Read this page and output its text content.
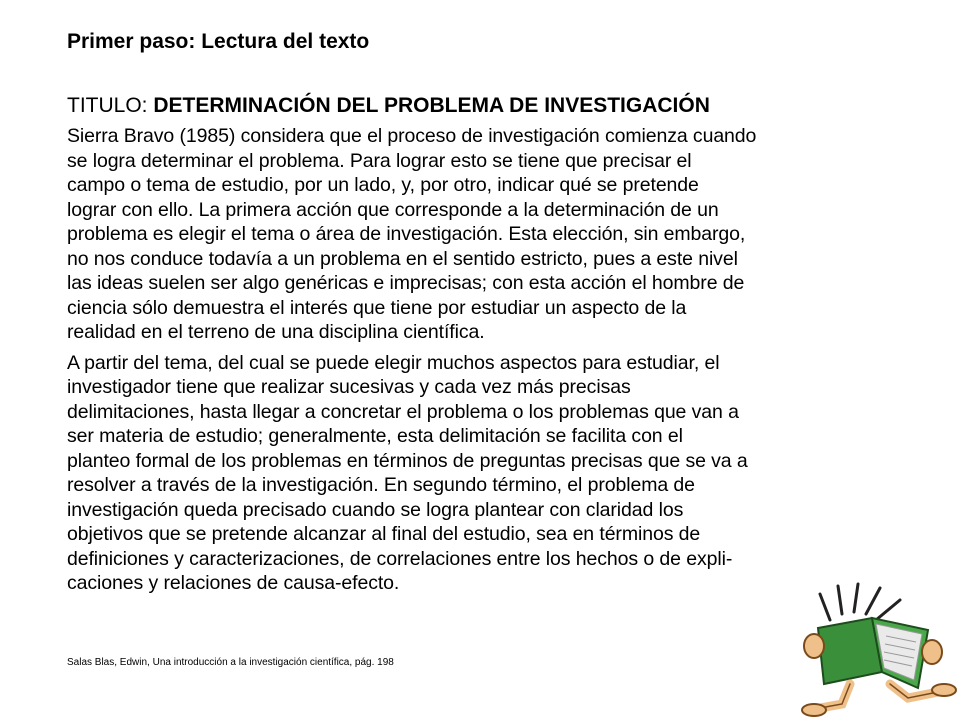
Primer paso: Lectura del texto

TITULO: DETERMINACIÓN DEL PROBLEMA DE INVESTIGACIÓN

Sierra Bravo (1985) considera que el proceso de investigación comienza cuando
se logra determinar el problema. Para lograr esto se tiene que precisar el
campo o tema de estudio, por un lado, y, por otro, indicar qué se pretende
lograr con ello. La primera acción que corresponde a la determinación de un
problema es elegir el tema o área de investigación. Esta elección, sin embargo,
no nos conduce todavía a un problema en el sentido estricto, pues a este nivel
las ideas suelen ser algo genéricas e imprecisas; con esta acción el hombre de
ciencia sólo demuestra el interés que tiene por estudiar un aspecto de la
realidad en el terreno de una disciplina científica.

A partir del tema, del cual se puede elegir muchos aspectos para estudiar, el
investigador tiene que realizar sucesivas y cada vez más precisas
delimitaciones, hasta llegar a concretar el problema o los problemas que van a
ser materia de estudio; generalmente, esta delimitación se facilita con el
planteo formal de los problemas en términos de preguntas precisas que se va a
resolver a través de la investigación. En segundo término, el problema de
investigación queda precisado cuando se logra plantear con claridad los
objetivos que se pretende alcanzar al final del estudio, sea en términos de
definiciones y caracterizaciones, de correlaciones entre los hechos o de expli-
caciones y relaciones de causa-efecto.

Salas Blas, Edwin, Una introducción a la investigación científica, pág. 198
